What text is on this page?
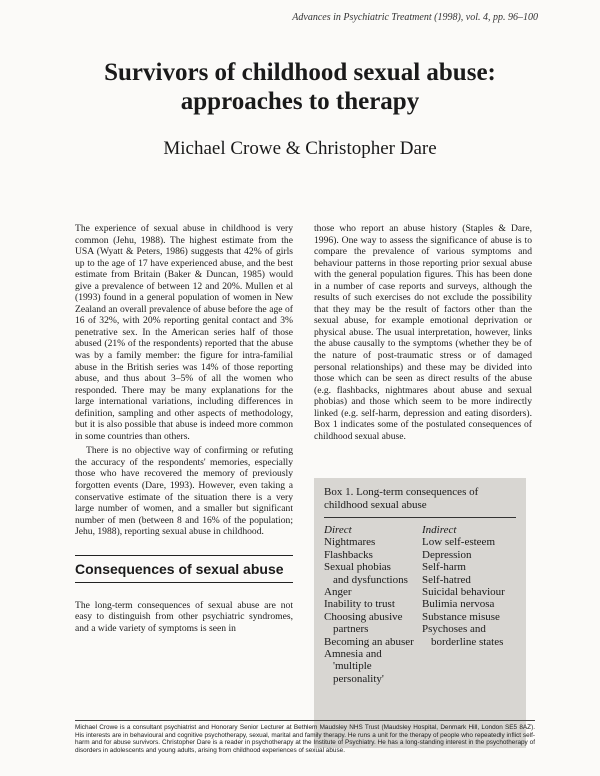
Advances in Psychiatric Treatment (1998), vol. 4, pp. 96–100
Survivors of childhood sexual abuse:
approaches to therapy

Michael Crowe & Christopher Dare

The experience of sexual abuse in childhood is very common (Jehu, 1988). The highest estimate from the USA (Wyatt & Peters, 1986) suggests that 42% of girls up to the age of 17 have experienced abuse, and the best estimate from Britain (Baker & Duncan, 1985) would give a prevalence of between 12 and 20%. Mullen et al (1993) found in a general population of women in New Zealand an overall prevalence of abuse before the age of 16 of 32%, with 20% reporting genital contact and 3% penetrative sex. In the American series half of those abused (21% of the respondents) reported that the abuse was by a family member: the figure for intra-familial abuse in the British series was 14% of those reporting abuse, and thus about 3–5% of all the women who responded. There may be many explanations for the large international variations, including differences in definition, sampling and other aspects of methodology, but it is also possible that abuse is indeed more common in some countries than others.

There is no objective way of confirming or refuting the accuracy of the respondents' memories, especially those who have recovered the memory of previously forgotten events (Dare, 1993). However, even taking a conservative estimate of the situation there is a very large number of women, and a smaller but significant number of men (between 8 and 16% of the population; Jehu, 1988), reporting sexual abuse in childhood.

Consequences of sexual abuse

The long-term consequences of sexual abuse are not easy to distinguish from other psychiatric syndromes, and a wide variety of symptoms is seen in

those who report an abuse history (Staples & Dare, 1996). One way to assess the significance of abuse is to compare the prevalence of various symptoms and behaviour patterns in those reporting prior sexual abuse with the general population figures. This has been done in a number of case reports and surveys, although the results of such exercises do not exclude the possibility that they may be the result of factors other than the sexual abuse, for example emotional deprivation or physical abuse. The usual interpretation, however, links the abuse causally to the symptoms (whether they be of the nature of post-traumatic stress or of damaged personal relationships) and these may be divided into those which can be seen as direct results of the abuse (e.g. flashbacks, nightmares about abuse and sexual phobias) and those which seem to be more indirectly linked (e.g. self-harm, depression and eating disorders). Box 1 indicates some of the postulated consequences of childhood sexual abuse.

Box 1. Long-term consequences of childhood sexual abuse

Direct
Nightmares
Flashbacks
Sexual phobias
and dysfunctions
Anger
Inability to trust
Choosing abusive
partners
Becoming an abuser
Amnesia and
'multiple personality'
Indirect
Low self-esteem
Depression
Self-harm
Self-hatred
Suicidal behaviour
Bulimia nervosa
Substance misuse
Psychoses and
borderline states
Michael Crowe is a consultant psychiatrist and Honorary Senior Lecturer at Bethlem Maudsley NHS Trust (Maudsley Hospital, Denmark Hill, London SE5 8AZ). His interests are in behavioural and cognitive psychotherapy, sexual, marital and family therapy. He runs a unit for the therapy of people who repeatedly inflict self-harm and for abuse survivors. Christopher Dare is a reader in psychotherapy at the Institute of Psychiatry. He has a long-standing interest in the psychotherapy of disorders in adolescents and young adults, arising from childhood experiences of sexual abuse.
